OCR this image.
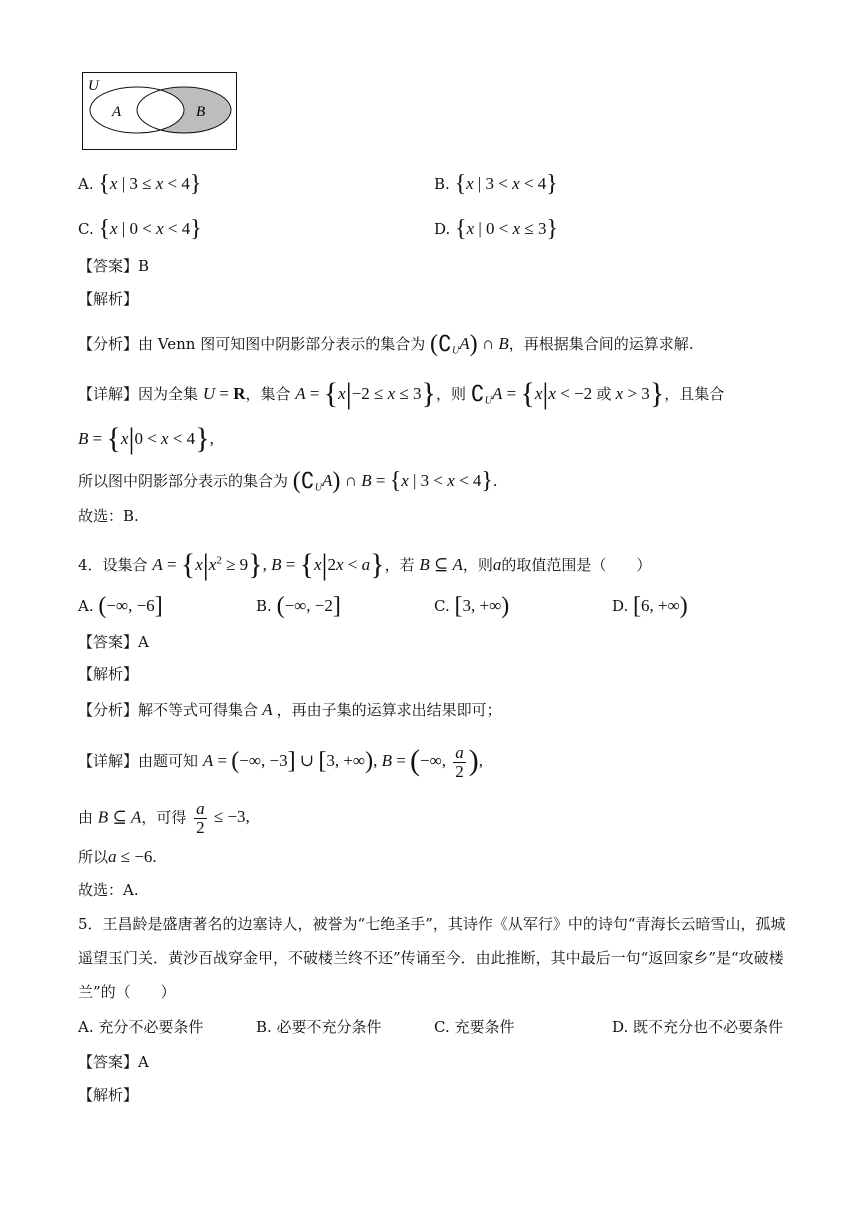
U
A	B
A. {x | 3 ≤ x < 4}	B. {x | 3 < x < 4}
C. {x | 0 < x < 4}	D. {x | 0 < x ≤ 3}
【答案】B
【解析】
【分析】由 Venn 图可知图中阴影部分表示的集合为 $(∁_UA)$ ∩ B，再根据集合间的运算求解.
【详解】因为全集 U = R，集合 A = {x|−2 ≤ x ≤ 3}，则 $∁_UA = \{x|x < -2$ 或 x > 3}，且集合
B = {x|0 < x < 4},
所以图中阴影部分表示的集合为 $(∁_UA)$ ∩ B = {x | 3 < x < 4}.
故选：B.
4．设集合 $A = \{x|x^2 \ge 9\}$, B = {x|2x < a}，若 B ⊆ A，则a的取值范围是（　　）
A. (−∞, −6]	B. (−∞, −2]	C. [3, +∞)	D. [6, +∞)
【答案】A
【解析】
【分析】解不等式可得集合 A ，再由子集的运算求出结果即可；
【详解】由题可知 A = (−∞, −3] ∪ [3, +∞), B = (−∞, $\frac{a}{2}$ ),
由 B ⊆ A，可得 $\frac{a}{2} \le -3$,
所以a ≤ −6.
故选：A.
5．王昌龄是盛唐著名的边塞诗人，被誉为“七绝圣手”，其诗作《从军行》中的诗句“青海长云暗雪山，孤城
遥望玉门关．黄沙百战穿金甲，不破楼兰终不还”传诵至今．由此推断，其中最后一句“返回家乡”是“攻破楼
兰”的（　　）
A. 充分不必要条件	B. 必要不充分条件	C. 充要条件	D. 既不充分也不必要条件
【答案】A
【解析】
